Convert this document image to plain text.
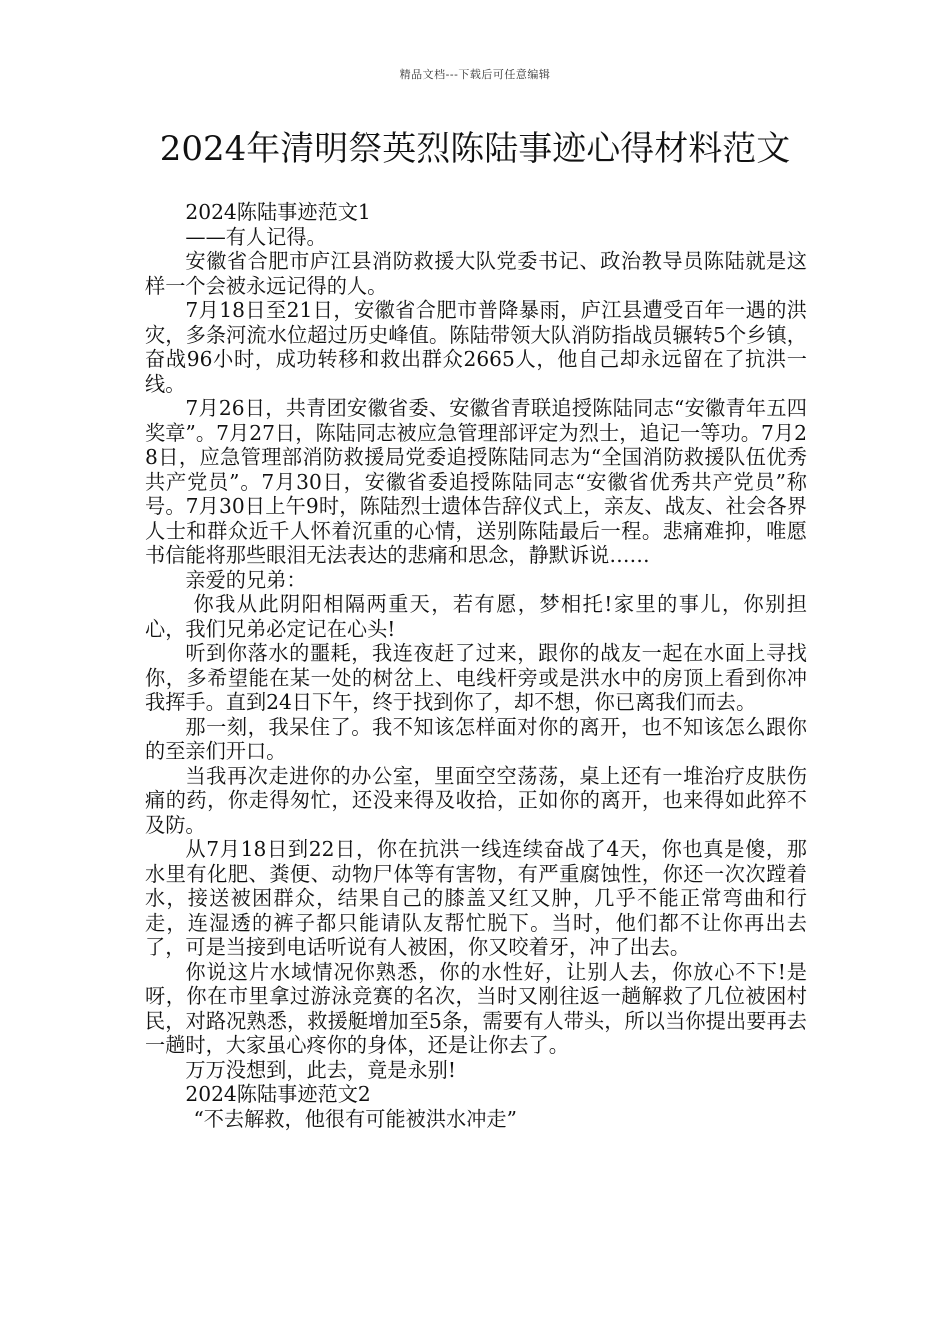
精品文档---下载后可任意编辑
2024年清明祭英烈陈陆事迹心得材料范文

2024陈陆事迹范文1

——有人记得。

安徽省合肥市庐江县消防救援大队党委书记、政治教导员陈陆就是这样一个会被永远记得的人。

7月18日至21日，安徽省合肥市普降暴雨，庐江县遭受百年一遇的洪灾，多条河流水位超过历史峰值。陈陆带领大队消防指战员辗转5个乡镇，奋战96小时，成功转移和救出群众2665人，他自己却永远留在了抗洪一线。

7月26日，共青团安徽省委、安徽省青联追授陈陆同志“安徽青年五四奖章”。7月27日，陈陆同志被应急管理部评定为烈士，追记一等功。7月28日，应急管理部消防救援局党委追授陈陆同志为“全国消防救援队伍优秀共产党员”。7月30日，安徽省委追授陈陆同志“安徽省优秀共产党员”称号。7月30日上午9时，陈陆烈士遗体告辞仪式上，亲友、战友、社会各界人士和群众近千人怀着沉重的心情，送别陈陆最后一程。悲痛难抑，唯愿书信能将那些眼泪无法表达的悲痛和思念，静默诉说……

亲爱的兄弟：

你我从此阴阳相隔两重天，若有愿，梦相托!家里的事儿，你别担心，我们兄弟必定记在心头!

听到你落水的噩耗，我连夜赶了过来，跟你的战友一起在水面上寻找你，多希望能在某一处的树岔上、电线杆旁或是洪水中的房顶上看到你冲我挥手。直到24日下午，终于找到你了，却不想，你已离我们而去。

那一刻，我呆住了。我不知该怎样面对你的离开，也不知该怎么跟你的至亲们开口。

当我再次走进你的办公室，里面空空荡荡，桌上还有一堆治疗皮肤伤痛的药，你走得匆忙，还没来得及收拾，正如你的离开，也来得如此猝不及防。

从7月18日到22日，你在抗洪一线连续奋战了4天，你也真是傻，那水里有化肥、粪便、动物尸体等有害物，有严重腐蚀性，你还一次次蹚着水，接送被困群众，结果自己的膝盖又红又肿，几乎不能正常弯曲和行走，连湿透的裤子都只能请队友帮忙脱下。当时，他们都不让你再出去了，可是当接到电话听说有人被困，你又咬着牙，冲了出去。

你说这片水域情况你熟悉，你的水性好，让别人去，你放心不下!是呀，你在市里拿过游泳竞赛的名次，当时又刚往返一趟解救了几位被困村民，对路况熟悉，救援艇增加至5条，需要有人带头，所以当你提出要再去一趟时，大家虽心疼你的身体，还是让你去了。

万万没想到，此去，竟是永别!

2024陈陆事迹范文2

“不去解救，他很有可能被洪水冲走”
